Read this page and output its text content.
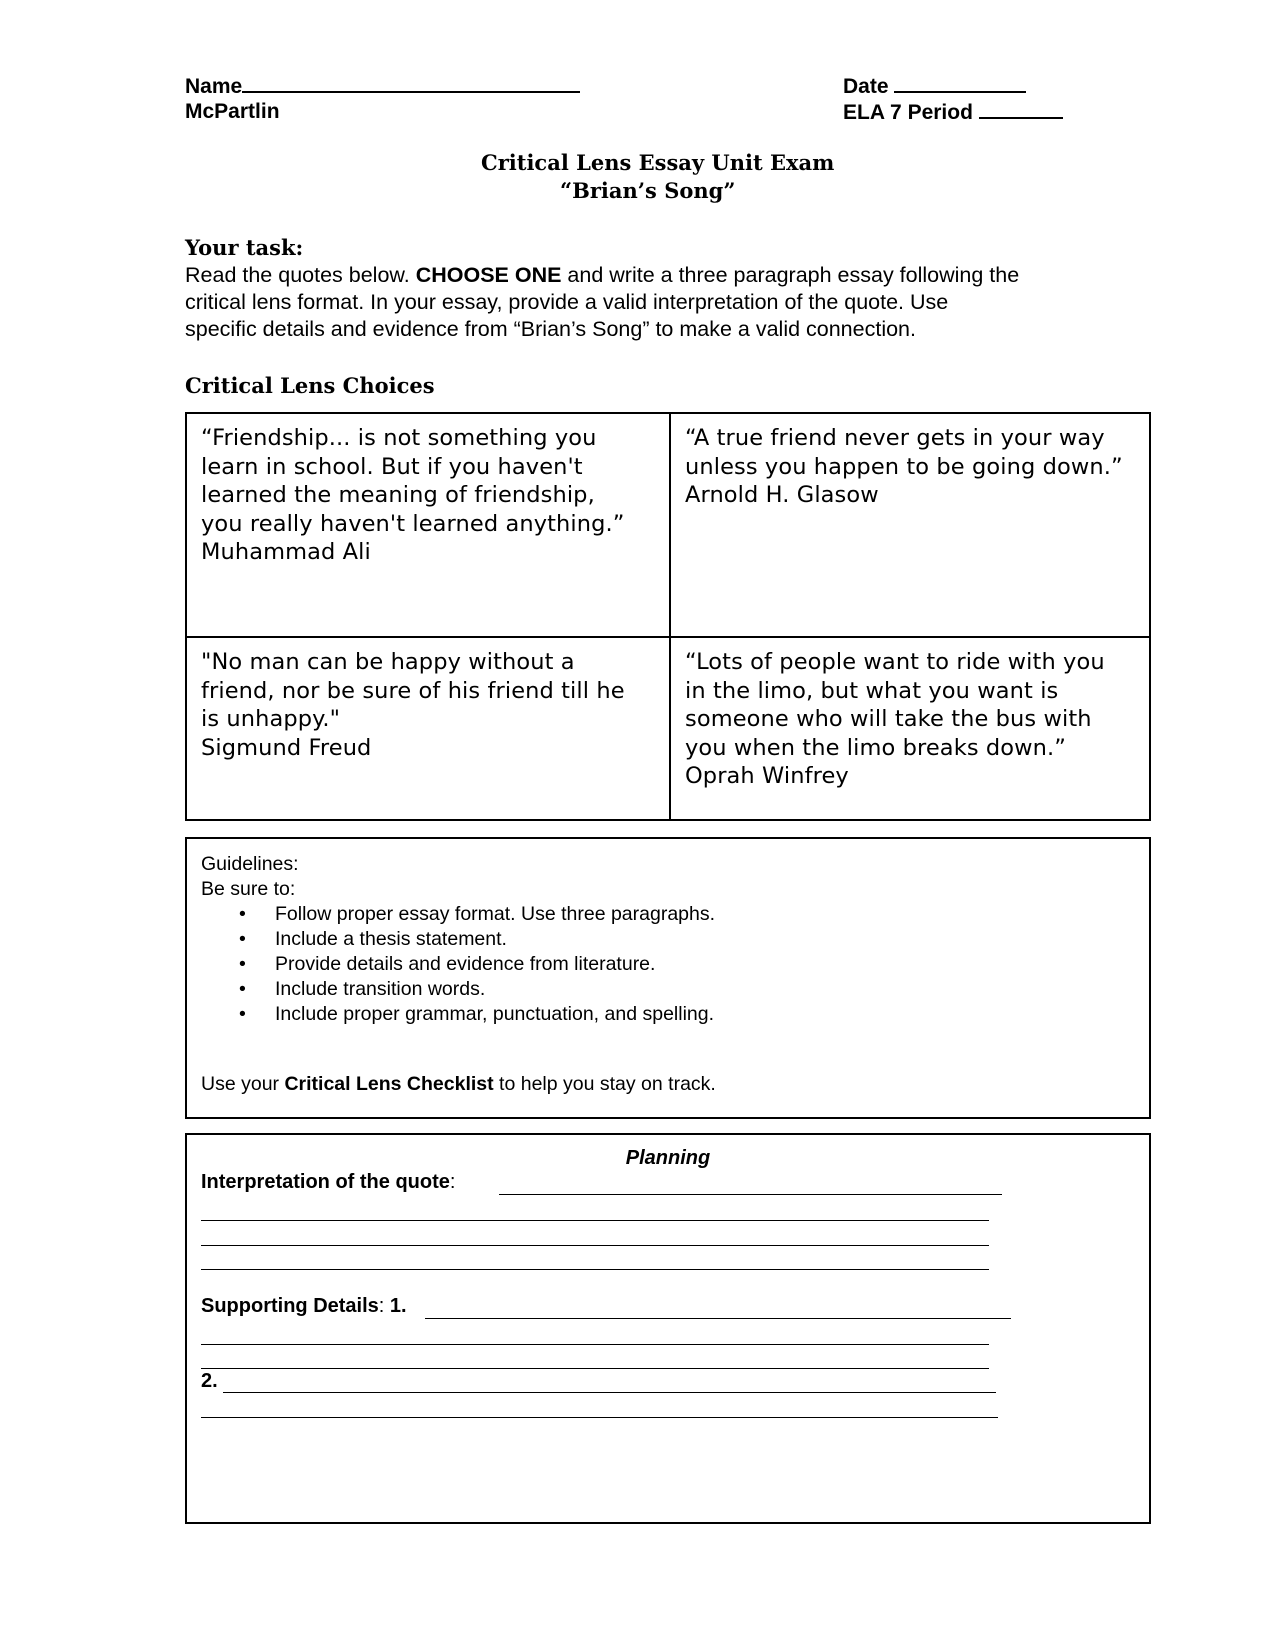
Name
McPartlin
Date
ELA 7 Period
Critical Lens Essay Unit Exam
“Brian’s Song”
Your task:
Read the quotes below. CHOOSE ONE and write a three paragraph essay following the
critical lens format. In your essay, provide a valid interpretation of the quote. Use
specific details and evidence from “Brian’s Song” to make a valid connection.
Critical Lens Choices
“Friendship... is not something you
learn in school. But if you haven't
learned the meaning of friendship,
you really haven't learned anything.”
Muhammad Ali
“A true friend never gets in your way
unless you happen to be going down.”
Arnold H. Glasow
"No man can be happy without a
friend, nor be sure of his friend till he
is unhappy."
Sigmund Freud
“Lots of people want to ride with you
in the limo, but what you want is
someone who will take the bus with
you when the limo breaks down.”
Oprah Winfrey
Guidelines:
Be sure to:
• Follow proper essay format. Use three paragraphs.
• Include a thesis statement.
• Provide details and evidence from literature.
• Include transition words.
• Include proper grammar, punctuation, and spelling.
Use your Critical Lens Checklist to help you stay on track.
Planning
Interpretation of the quote:
Supporting Details: 1.
2.
